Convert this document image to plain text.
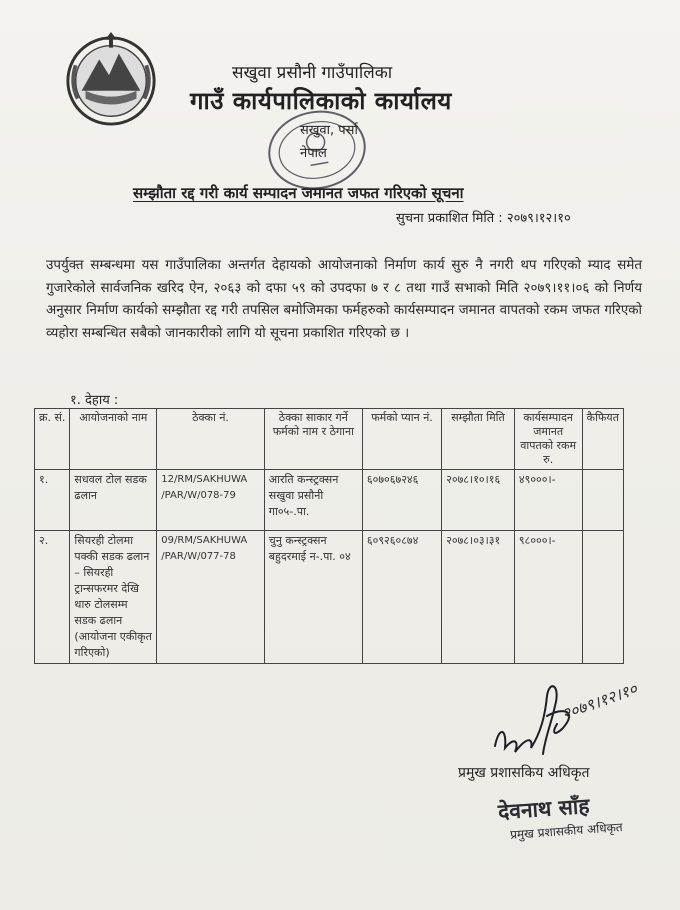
सखुवा प्रसौनी गाउँपालिका
गाउँ कार्यपालिकाको कार्यालय
सखुवा, पर्सा
नेपाल
सम्झौता रद्द गरी कार्य सम्पादन जमानत जफत गरिएको सूचना
सुचना प्रकाशित मिति : २०७९।१२।१०
उपर्युक्त सम्बन्धमा यस गाउँपालिका अन्तर्गत देहायको आयोजनाको निर्माण कार्य सुरु नै नगरी थप गरिएको म्याद समेत गुजारेकोले सार्वजनिक खरिद ऐन, २०६३ को दफा ५९ को उपदफा ७ र ८ तथा गाउँ सभाको मिति २०७९।११।०६ को निर्णय अनुसार निर्माण कार्यको सम्झौता रद्द गरी तपसिल बमोजिमका फर्महरुको कार्यसम्पादन जमानत वापतको रकम जफत गरिएको व्यहोरा सम्बन्धित सबैको जानकारीको लागि यो सूचना प्रकाशित गरिएको छ ।
१. देहाय :
क्र. सं.	आयोजनाको नाम	ठेक्का नं.	ठेक्का साकार गर्ने फर्मको नाम र ठेगाना	फर्मको प्यान नं.	सम्झौता मिति	कार्यसम्पादन जमानत वापतको रकम रु.	कैफियत
१.	सधवल टोल सडक ढलान	12/RM/SAKHUWA /PAR/W/078-79	आरति कन्स्ट्रक्सन सखुवा प्रसौनी गा०५-.पा.	६०७०६७२४६	२०७८।१०।१६	४९०००।-	
२.	सियरही टोलमा पक्की सडक ढलान – सियरही ट्रान्सफरमर देखि थारु टोलसम्म सडक ढलान (आयोजना एकीकृत गरिएको)	09/RM/SAKHUWA /PAR/W/077-78	चुनु कन्स्ट्रक्सन बहुदरमाई न-.पा. ०४	६०९२६०८७४	२०७८।०३।३१	९८०००।-	
२०७९।१२।१०
प्रमुख प्रशासकिय अधिकृत
देवनाथ साँह
प्रमुख प्रशासकीय अधिकृत
